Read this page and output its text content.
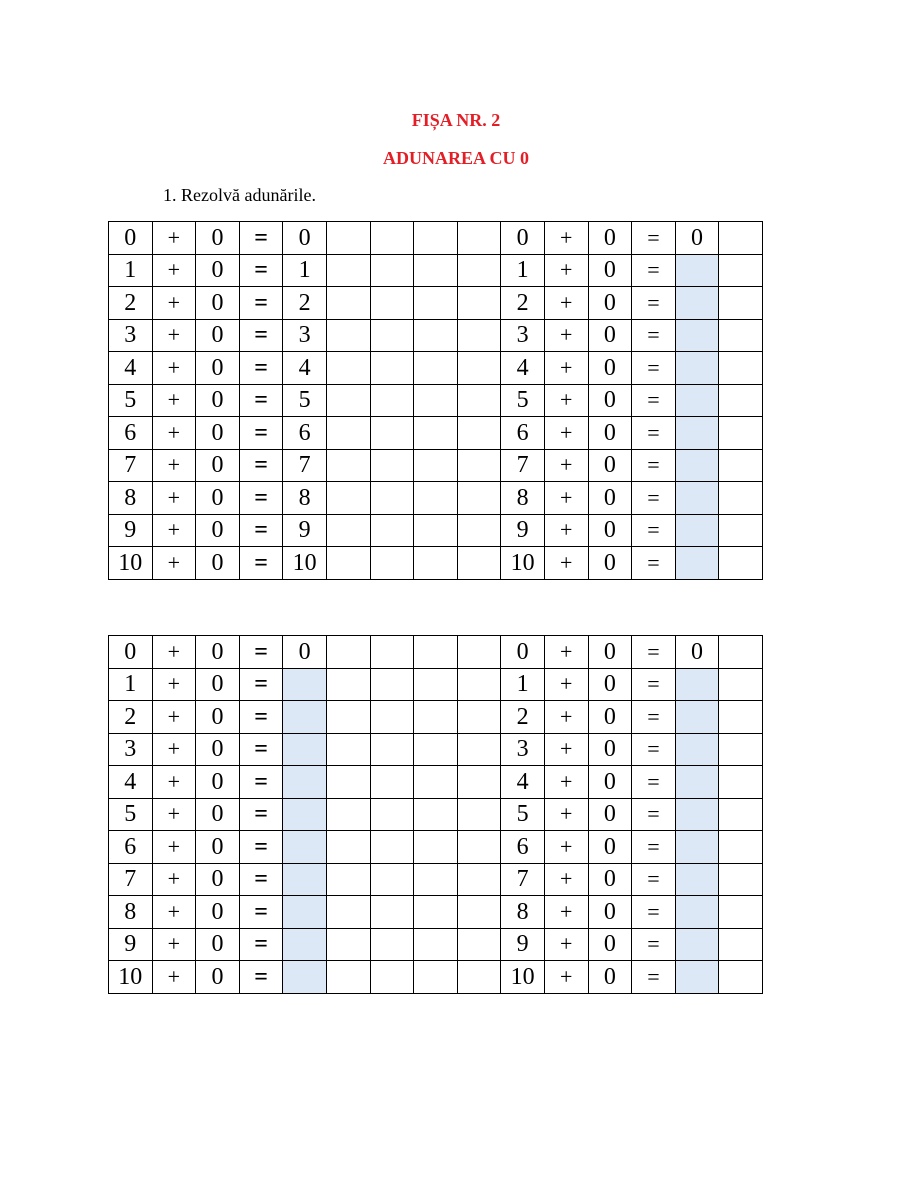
FIȘA NR. 2
ADUNAREA CU 0

1. Rezolvă adunările.

0	+	0	=	0					0	+	0	=	0	
1	+	0	=	1					1	+	0	=		
2	+	0	=	2					2	+	0	=		
3	+	0	=	3					3	+	0	=		
4	+	0	=	4					4	+	0	=		
5	+	0	=	5					5	+	0	=		
6	+	0	=	6					6	+	0	=		
7	+	0	=	7					7	+	0	=		
8	+	0	=	8					8	+	0	=		
9	+	0	=	9					9	+	0	=		
10	+	0	=	10					10	+	0	=		
0	+	0	=	0					0	+	0	=	0	
1	+	0	=						1	+	0	=		
2	+	0	=						2	+	0	=		
3	+	0	=						3	+	0	=		
4	+	0	=						4	+	0	=		
5	+	0	=						5	+	0	=		
6	+	0	=						6	+	0	=		
7	+	0	=						7	+	0	=		
8	+	0	=						8	+	0	=		
9	+	0	=						9	+	0	=		
10	+	0	=						10	+	0	=		
